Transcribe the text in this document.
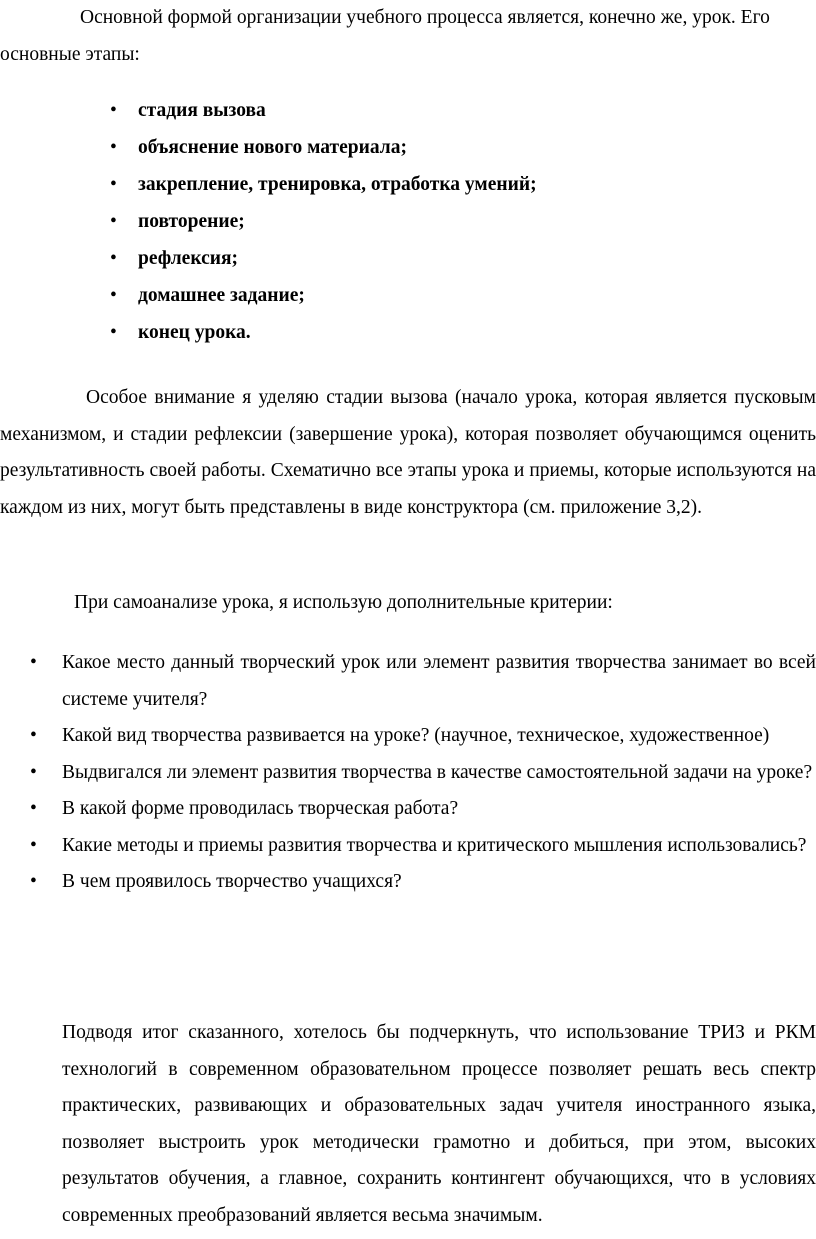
Основной формой организации учебного процесса является, конечно же, урок. Его основные этапы:

• стадия вызова
• объяснение нового материала;
• закрепление, тренировка, отработка умений;
• повторение;
• рефлексия;
• домашнее задание;
• конец урока.

Особое внимание я уделяю стадии вызова (начало урока, которая является пусковым механизмом, и стадии рефлексии (завершение урока), которая позволяет обучающимся оценить результативность своей работы. Схематично все этапы урока и приемы, которые используются на каждом из них, могут быть представлены в виде конструктора (см. приложение 3,2).

При самоанализе урока, я использую дополнительные критерии:

• Какое место данный творческий урок или элемент развития творчества занимает во всей системе учителя?
• Какой вид творчества развивается на уроке? (научное, техническое, художественное)
• Выдвигался ли элемент развития творчества в качестве самостоятельной задачи на уроке?
• В какой форме проводилась творческая работа?
• Какие методы и приемы развития творчества и критического мышления использовались?
• В чем проявилось творчество учащихся?

Подводя итог сказанного, хотелось бы подчеркнуть, что использование ТРИЗ и РКМ технологий в современном образовательном процессе позволяет решать весь спектр практических, развивающих и образовательных задач учителя иностранного языка, позволяет выстроить урок методически грамотно и добиться, при этом, высоких результатов обучения, а главное, сохранить контингент обучающихся, что в условиях современных преобразований является весьма значимым.
